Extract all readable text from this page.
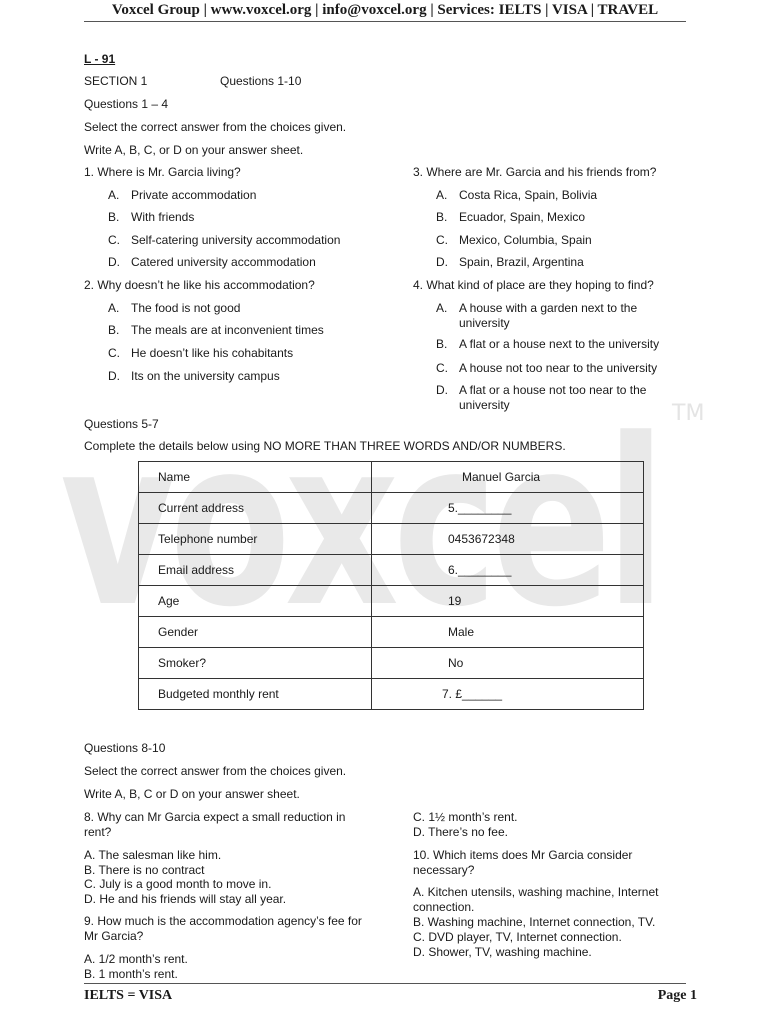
voxcel TM
Voxcel Group | www.voxcel.org | info@voxcel.org | Services: IELTS | VISA | TRAVEL
L - 91
SECTION 1	Questions 1-10
Questions 1 – 4
Select the correct answer from the choices given.
Write A, B, C, or D on your answer sheet.
1. Where is Mr. Garcia living?
A. Private accommodation
B. With friends
C. Self-catering university accommodation
D. Catered university accommodation
2. Why doesn’t he like his accommodation?
A. The food is not good
B. The meals are at inconvenient times
C. He doesn’t like his cohabitants
D. Its on the university campus
3. Where are Mr. Garcia and his friends from?
A. Costa Rica, Spain, Bolivia
B. Ecuador, Spain, Mexico
C. Mexico, Columbia, Spain
D. Spain, Brazil, Argentina
4. What kind of place are they hoping to find?
A. A house with a garden next to the university
B. A flat or a house next to the university
C. A house not too near to the university
D. A flat or a house not too near to the university
Questions 5-7
Complete the details below using NO MORE THAN THREE WORDS AND/OR NUMBERS.
Name	Manuel Garcia
Current address	5.________
Telephone number	0453672348
Email address	6.________
Age	19
Gender	Male
Smoker?	No
Budgeted monthly rent	7. £______
Questions 8-10
Select the correct answer from the choices given.
Write A, B, C or D on your answer sheet.
8. Why can Mr Garcia expect a small reduction in rent?
A. The salesman like him.
B. There is no contract
C. July is a good month to move in.
D. He and his friends will stay all year.
9. How much is the accommodation agency’s fee for Mr Garcia?
A. 1/2 month’s rent.
B. 1 month’s rent.
C. 1½ month’s rent.
D. There’s no fee.
10. Which items does Mr Garcia consider necessary?
A. Kitchen utensils, washing machine, Internet connection.
B. Washing machine, Internet connection, TV.
C. DVD player, TV, Internet connection.
D. Shower, TV, washing machine.
IELTS = VISA	Page 1
